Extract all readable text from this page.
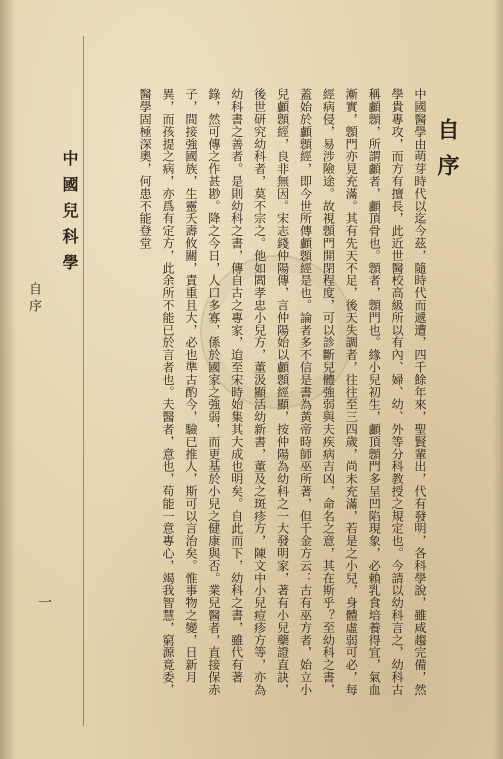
自序

中國醫學由萌芽時代以迄今茲，隨時代而遞遭，四千餘年來，聖賢輩出，代有發明，各科學說，雖咸趨完備，然學貴專攻，而方有擅長，此近世醫校高級所以有內、婦、幼、外等分科教授之規定也。今請以幼科言之，幼科古稱顱顖，所謂顱者，顱頂骨也。顖者，顖門也。緣小兒初生，顱頂顖門多呈凹陷現象，必賴乳食培養得宜，氣血漸實，顖門亦見充滿。其有先天不足，後天失調者，往往至三四歲，尚未充滿，若是之小兒，身體虛弱可必，每經病侵，易涉險途。故視顖門開閉程度，可以診斷兒體強弱與夫疾病吉凶，命名之意，其在斯乎？至幼科之書，蓋始於顱顖經，即今世所傳顱顖經是也。論者多不信是書為黃帝時師巫所著，但千金方云：古有巫方者，始立小兒顱顖經，良非無因。宋志錢仲陽傳，言仲陽始以顱顖經顯，按仲陽為幼科之一大發明家，著有小兒藥證直訣，後世研究幼科者，莫不宗之。他如閻孝忠小兒方，董汲顯活幼新書，董及之斑疹方，陳文中小兒痘疹方等，亦為幼科書之善者。是則幼科之書，傳自古之專家，迨至宋時始集其大成也明矣。自此而下，幼科之書，雖代有著錄，然可傳之作甚尠。降之今日，人口多寡，係於國家之強弱，而更基於小兒之健康與否。業兒醫者，直接保赤子，間接強國族，生靈夭壽攸關，責重且大，必也準古酌今，驗已推人，斯可以言治矣。惟事物之變，日新月異，而孩提之病，亦爲有定方，此余所不能已於言者也。夫醫者，意也，苟能一意專心，竭我智慧，窮源竟委，醫學固極深奧，何患不能登堂

中國兒科學
自序
一
